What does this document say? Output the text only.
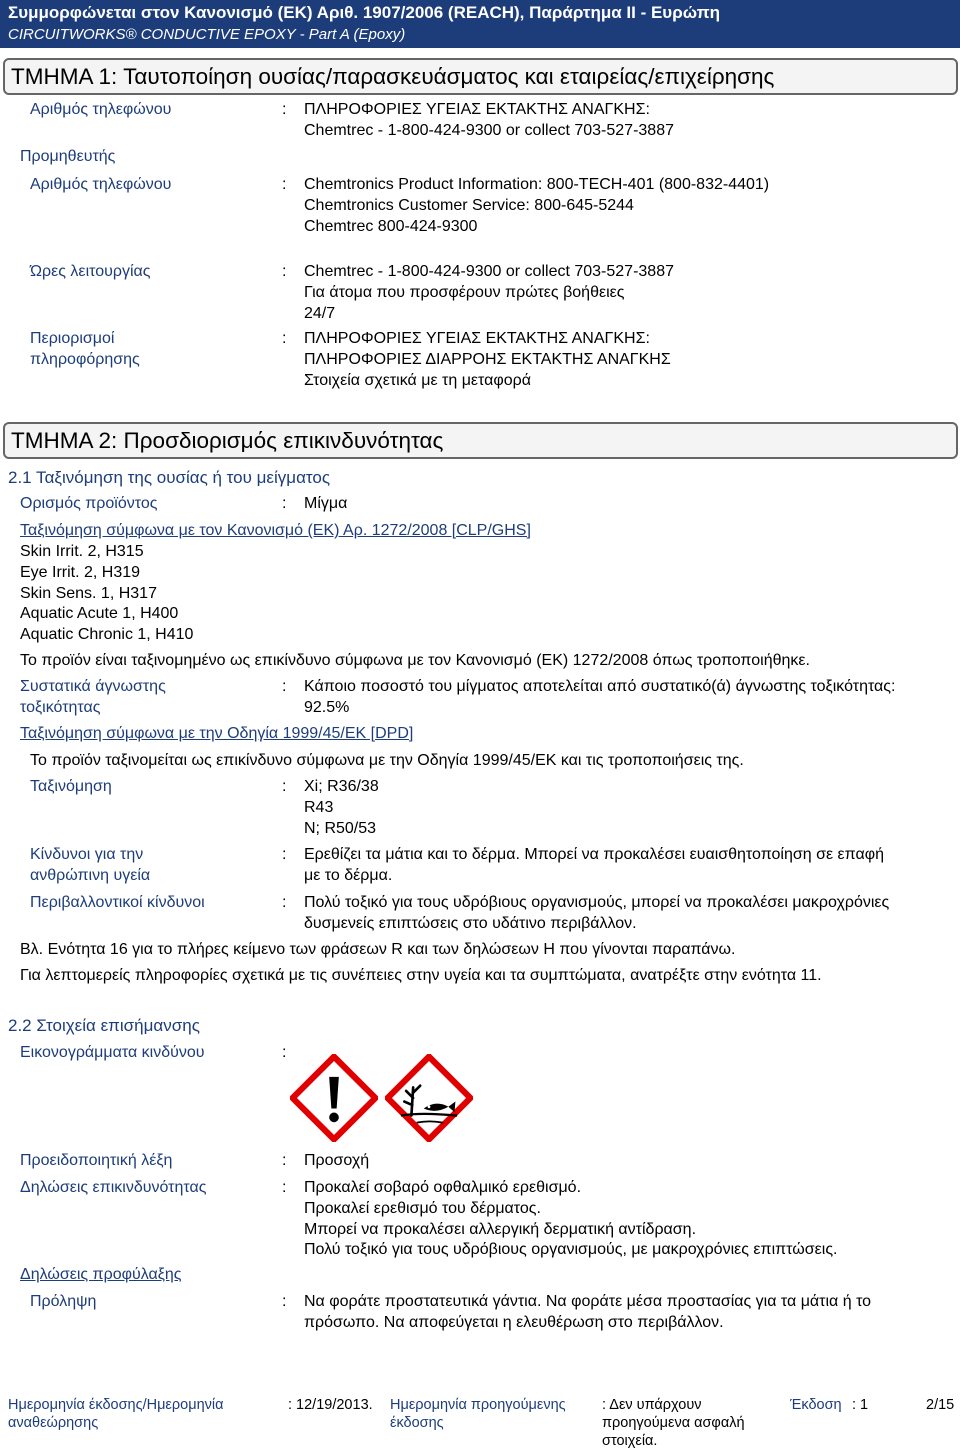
Συμμορφώνεται στον Κανονισμό (ΕΚ) Αριθ. 1907/2006 (REACH), Παράρτημα II - Ευρώπη
CIRCUITWORKS® CONDUCTIVE EPOXY - Part A (Epoxy)
ΤΜΗΜΑ 1: Ταυτοποίηση ουσίας/παρασκευάσματος και εταιρείας/επιχείρησης
Αριθμός τηλεφώνου	: ΠΛΗΡΟΦΟΡΙΕΣ ΥΓΕΙΑΣ ΕΚΤΑΚΤΗΣ ΑΝΑΓΚΗΣ:
Chemtrec - 1-800-424-9300 or collect 703-527-3887
Προμηθευτής
Αριθμός τηλεφώνου	: Chemtronics Product Information: 800-TECH-401 (800-832-4401)
Chemtronics Customer Service: 800-645-5244
Chemtrec 800-424-9300
Ώρες λειτουργίας	: Chemtrec - 1-800-424-9300 or collect 703-527-3887
Για άτομα που προσφέρουν πρώτες βοήθειες
24/7
Περιορισμοί
πληροφόρησης
: ΠΛΗΡΟΦΟΡΙΕΣ ΥΓΕΙΑΣ ΕΚΤΑΚΤΗΣ ΑΝΑΓΚΗΣ:
ΠΛΗΡΟΦΟΡΙΕΣ ΔΙΑΡΡΟΗΣ ΕΚΤΑΚΤΗΣ ΑΝΑΓΚΗΣ
Στοιχεία σχετικά με τη μεταφορά
ΤΜΗΜΑ 2: Προσδιορισμός επικινδυνότητας
2.1 Ταξινόμηση της ουσίας ή του μείγματος
Ορισμός προϊόντος	: Μίγμα
Ταξινόμηση σύμφωνα με τον Κανονισμό (ΕΚ) Αρ. 1272/2008 [CLP/GHS]
Skin Irrit. 2, H315
Eye Irrit. 2, H319
Skin Sens. 1, H317
Aquatic Acute 1, H400
Aquatic Chronic 1, H410
Το προϊόν είναι ταξινομημένο ως επικίνδυνο σύμφωνα με τον Κανονισμό (ΕΚ) 1272/2008 όπως τροποποιήθηκε.
Συστατικά άγνωστης
τοξικότητας
: Κάποιο ποσοστό του μίγματος αποτελείται από συστατικό(ά) άγνωστης τοξικότητας:
92.5%
Ταξινόμηση σύμφωνα με την Οδηγία 1999/45/ΕΚ [DPD]
Το προϊόν ταξινομείται ως επικίνδυνο σύμφωνα με την Οδηγία 1999/45/ΕΚ και τις τροποποιήσεις της.
Ταξινόμηση	: Xi; R36/38
R43
N; R50/53
Κίνδυνοι για την
ανθρώπινη υγεία
: Ερεθίζει τα μάτια και το δέρμα. Μπορεί να προκαλέσει ευαισθητοποίηση σε επαφή
με το δέρμα.
Περιβαλλοντικοί κίνδυνοι	: Πολύ τοξικό για τους υδρόβιους οργανισμούς, μπορεί να προκαλέσει μακροχρόνιες
δυσμενείς επιπτώσεις στο υδάτινο περιβάλλον.
Βλ. Ενότητα 16 για το πλήρες κείμενο των φράσεων R και των δηλώσεων H που γίνονται παραπάνω.
Για λεπτομερείς πληροφορίες σχετικά με τις συνέπειες στην υγεία και τα συμπτώματα, ανατρέξτε στην ενότητα 11.
2.2 Στοιχεία επισήμανσης
Εικονογράμματα κινδύνου	:
Προειδοποιητική λέξη	: Προσοχή
Δηλώσεις επικινδυνότητας	: Προκαλεί σοβαρό οφθαλμικό ερεθισμό.
Προκαλεί ερεθισμό του δέρματος.
Μπορεί να προκαλέσει αλλεργική δερματική αντίδραση.
Πολύ τοξικό για τους υδρόβιους οργανισμούς, με μακροχρόνιες επιπτώσεις.
Δηλώσεις προφύλαξης
Πρόληψη	: Να φοράτε προστατευτικά γάντια. Να φοράτε μέσα προστασίας για τα μάτια ή το
πρόσωπο. Να αποφεύγεται η ελευθέρωση στο περιβάλλον.
Ημερομηνία έκδοσης/Ημερομηνία
αναθεώρησης
: 12/19/2013. Ημερομηνία προηγούμενης
έκδοσης
: Δεν υπάρχουν
προηγούμενα ασφαλή
στοιχεία.
Έκδοση : 1	2/15
